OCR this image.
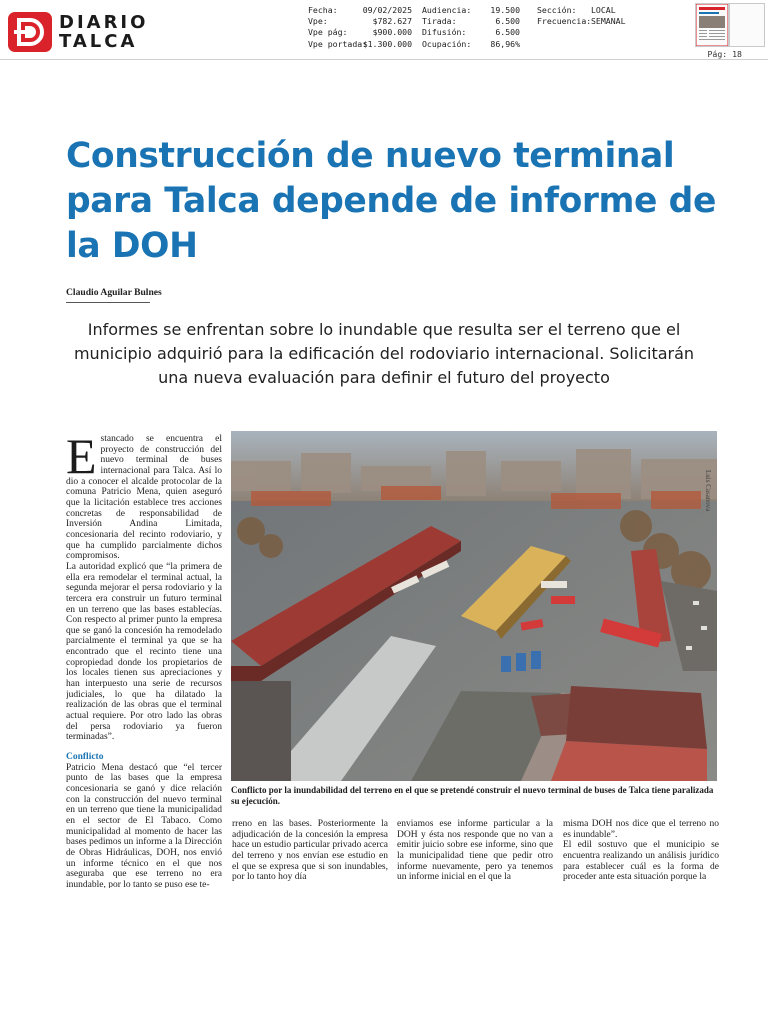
DIARIO
TALCA
Fecha:	09/02/2025
Vpe:	$782.627
Vpe pág:	$900.000
Vpe portada:
$1.300.000
Audiencia: 19.500
Tirada:	6.500
Difusión:	6.500
Ocupación: 86,96%
Sección: LOCAL
Frecuencia: SEMANAL
Pág: 18
Construcción de nuevo terminal para Talca depende de informe de la DOH
Claudio Aguilar Bulnes

Informes se enfrentan sobre lo inundable que resulta ser el terreno que el municipio adquirió para la edificación del rodoviario internacional. Solicitarán una nueva evaluación para definir el futuro del proyecto

E stancado se encuentra el proyecto de construcción del nuevo terminal de buses internacional para Talca. Así lo dio a conocer el alcalde protocolar de la comuna Patricio Mena, quien aseguró que la licitación establece tres acciones concretas de responsabilidad de Inversión Andina Limitada, concesionaria del recinto rodoviario, y que ha cumplido parcialmente dichos compromisos.

La autoridad explicó que “la primera de ella era remodelar el terminal actual, la segunda mejorar el persa rodoviario y la tercera era construir un futuro terminal en un terreno que las bases establecías. Con respecto al primer punto la empresa que se ganó la concesión ha remodelado parcialmente el terminal ya que se ha encontrado que el recinto tiene una copropiedad donde los propietarios de los locales tienen sus apreciaciones y han interpuesto una serie de recursos judiciales, lo que ha dilatado la realización de las obras que el terminal actual requiere. Por otro lado las obras del persa rodoviario ya fueron terminadas”.

Conflicto

Patricio Mena destacó que “el tercer punto de las bases que la empresa concesionaria se ganó y dice relación con la construcción del nuevo terminal en un terreno que tiene la municipalidad en el sector de El Tabaco. Como municipalidad al momento de hacer las bases pedimos un informe a la Dirección de Obras Hidráulicas, DOH, nos envió un informe técnico en el que nos aseguraba que ese terreno no era inundable, por lo tanto se puso ese te-

Luis Casanova

Conflicto por la inundabilidad del terreno en el que se pretendé construir el nuevo terminal de buses de Talca tiene paralizada su ejecución.

rreno en las bases. Posteriormente la adjudicación de la concesión la empresa hace un estudio particular privado acerca del terreno y nos envían ese estudio en el que se expresa que si son inundables, por lo tanto hoy día

enviamos ese informe particular a la DOH y ésta nos responde que no van a emitir juicio sobre ese informe, sino que la municipalidad tiene que pedir otro informe nuevamente, pero ya tenemos un informe inicial en el que la

misma DOH nos dice que el terreno no es inundable”.

El edil sostuvo que el municipio se encuentra realizando un análisis jurídico para establecer cuál es la forma de proceder ante esta situación porque la
